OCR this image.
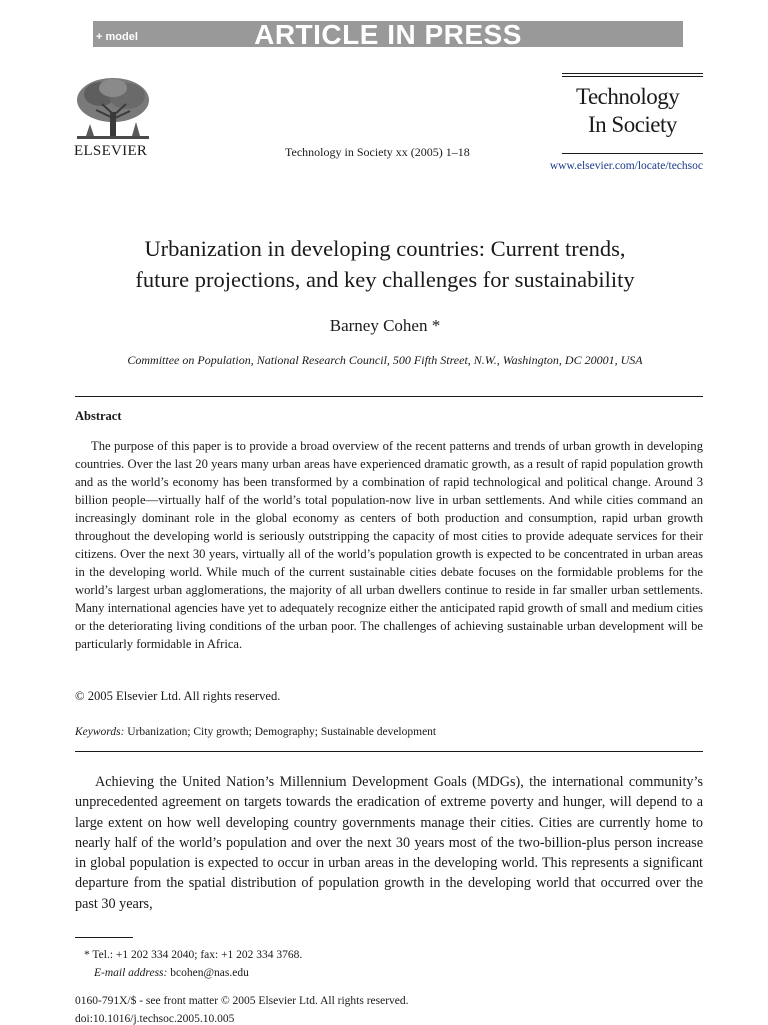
+ model	ARTICLE IN PRESS
ELSEVIER	Technology in Society xx (2005) 1–18
Technology
In Society
www.elsevier.com/locate/techsoc
Urbanization in developing countries: Current trends,
future projections, and key challenges for sustainability
Barney Cohen *
Committee on Population, National Research Council, 500 Fifth Street, N.W., Washington, DC 20001, USA
Abstract

The purpose of this paper is to provide a broad overview of the recent patterns and trends of urban growth in developing countries. Over the last 20 years many urban areas have experienced dramatic growth, as a result of rapid population growth and as the world’s economy has been transformed by a combination of rapid technological and political change. Around 3 billion people—virtually half of the world’s total population-now live in urban settlements. And while cities command an increasingly dominant role in the global economy as centers of both production and consumption, rapid urban growth throughout the developing world is seriously outstripping the capacity of most cities to provide adequate services for their citizens. Over the next 30 years, virtually all of the world’s population growth is expected to be concentrated in urban areas in the developing world. While much of the current sustainable cities debate focuses on the formidable problems for the world’s largest urban agglomerations, the majority of all urban dwellers continue to reside in far smaller urban settlements. Many international agencies have yet to adequately recognize either the anticipated rapid growth of small and medium cities or the deteriorating living conditions of the urban poor. The challenges of achieving sustainable urban development will be particularly formidable in Africa.

© 2005 Elsevier Ltd. All rights reserved.
Keywords: Urbanization; City growth; Demography; Sustainable development

Achieving the United Nation’s Millennium Development Goals (MDGs), the international community’s unprecedented agreement on targets towards the eradication of extreme poverty and hunger, will depend to a large extent on how well developing country governments manage their cities. Cities are currently home to nearly half of the world’s population and over the next 30 years most of the two-billion-plus person increase in global population is expected to occur in urban areas in the developing world. This represents a significant departure from the spatial distribution of population growth in the developing world that occurred over the past 30 years,

* Tel.: +1 202 334 2040; fax: +1 202 334 3768.
E-mail address: bcohen@nas.edu
0160-791X/$ - see front matter © 2005 Elsevier Ltd. All rights reserved.
doi:10.1016/j.techsoc.2005.10.005
